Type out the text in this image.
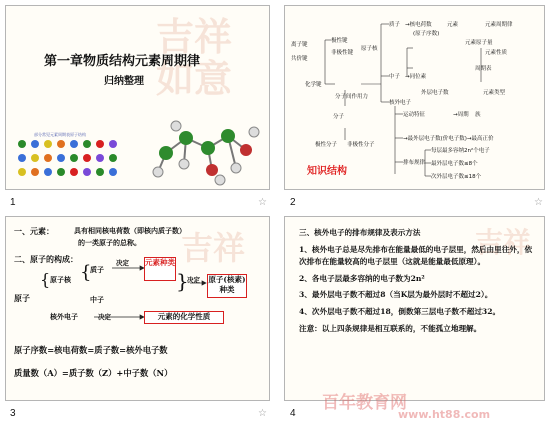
吉祥如意
第一章物质结构元素周期律
归纳整理
部分常见元素周期表原子结构
1	☆
质子 →核电荷数	元素
(原子序数)
原子核
中子 →同位素
元素原子量
周期表
核外电子
外层电子数	元素类型
离子键
共价键
化学键
极性键
非极性键
分子间作用力
分子
极性分子 非极性分子
运动特征	→周期 族
→最外层电子数(价电子数)→最高正价
排布规律
每层最多容纳2n²个电子
最外层电子数≤8个
次外层电子数≤18个
元素周期律
元素性质
知识结构
2	☆
吉祥
一、元素：	具有相同核电荷数（即核内质子数）
的一类原子的总称。
二、原子的构成：
原子
{ 原子核 {
质子
决定
中子
核外电子	决定
元素种类
}
决定 原子(核素)种类
元素的化学性质
原子序数=核电荷数=质子数=核外电子数
质量数（A）=质子数（Z）+中子数（N）
3	☆
吉祥

三、核外电子的排布规律及表示方法

1、核外电子总是尽先排布在能量最低的电子层里，然后由里往外，依次排布在能量较高的电子层里（这就是能量最低原理）。

2、各电子层最多容纳的电子数为2n²

3、最外层电子数不超过8（当K层为最外层时不超过2）。

4、次外层电子数不超过18，倒数第三层电子数不超过32。

注意：以上四条规律是相互联系的，不能孤立地理解。

4
百年教育网
www.ht88.com
